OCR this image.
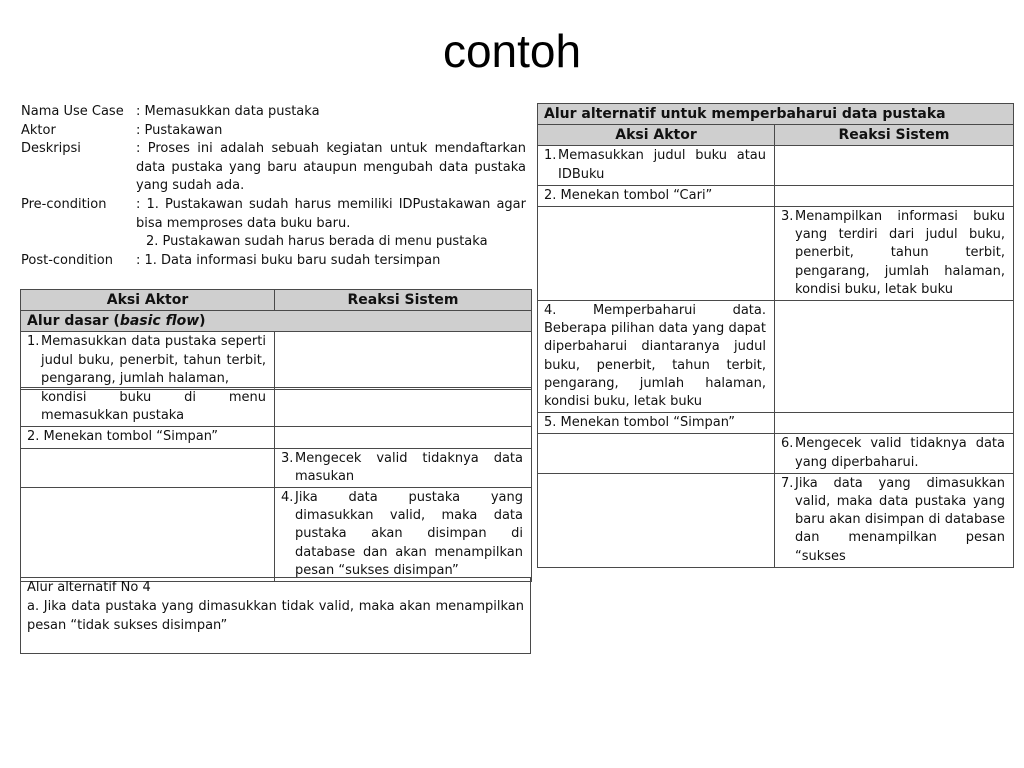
contoh
Nama Use Case : Memasukkan data pustaka
Aktor	: Pustakawan
Deskripsi	: Proses ini adalah sebuah kegiatan untuk mendaftarkan data pustaka yang baru ataupun mengubah data pustaka yang sudah ada.
Pre-condition	: 1. Pustakawan sudah harus memiliki IDPustakawan agar bisa memproses data buku baru.
2. Pustakawan sudah harus berada di menu pustaka
Post-condition	: 1. Data informasi buku baru sudah tersimpan
Aksi Aktor	Reaksi Sistem
Alur dasar (basic flow)	

1. Memasukkan data pustaka seperti judul buku, penerbit, tahun terbit, pengarang, jumlah halaman,	

kondisi buku di menu memasukkan pustaka	
2. Menekan tombol “Simpan”	

	3. Mengecek valid tidaknya data masukan

	4. Jika data pustaka yang dimasukkan valid, maka data pustaka akan disimpan di database dan akan menampilkan pesan “sukses disimpan”
Alur alternatif No 4
a. Jika data pustaka yang dimasukkan tidak valid, maka akan menampilkan pesan “tidak sukses disimpan”
Alur alternatif untuk memperbaharui data pustaka	
Aksi Aktor	Reaksi Sistem

1. Memasukkan judul buku atau IDBuku	

2. Menekan tombol “Cari”	

	3. Menampilkan informasi buku yang terdiri dari judul buku, penerbit, tahun terbit, pengarang, jumlah halaman, kondisi buku, letak buku

4. Memperbaharui data. Beberapa pilihan data yang dapat diperbaharui diantaranya judul buku, penerbit, tahun terbit, pengarang, jumlah halaman, kondisi buku, letak buku	
5. Menekan tombol “Simpan”	

	6. Mengecek valid tidaknya data yang diperbaharui.

	7. Jika data yang dimasukkan valid, maka data pustaka yang baru akan disimpan di database dan menampilkan pesan “sukses
